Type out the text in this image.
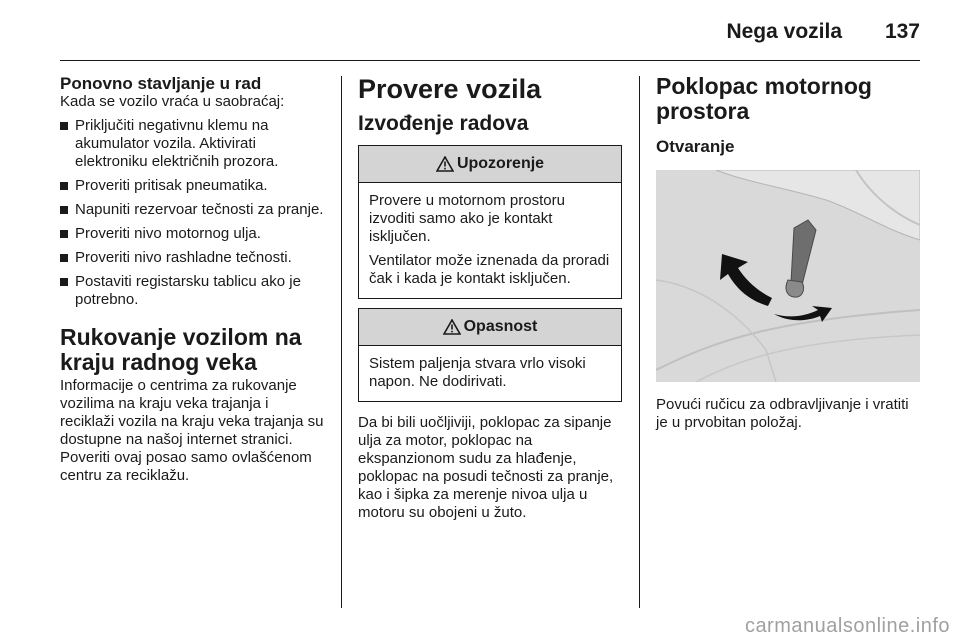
Nega vozila 137
Ponovno stavljanje u rad
Kada se vozilo vraća u saobraćaj:
Priključiti negativnu klemu na akumulator vozila. Aktivirati elektroniku električnih prozora.
Proveriti pritisak pneumatika.
Napuniti rezervoar tečnosti za pranje.
Proveriti nivo motornog ulja.
Proveriti nivo rashladne tečnosti.
Postaviti registarsku tablicu ako je potrebno.
Rukovanje vozilom na kraju radnog veka
Informacije o centrima za rukovanje vozilima na kraju veka trajanja i reciklaži vozila na kraju veka trajanja su dostupne na našoj internet stranici. Poveriti ovaj posao samo ovlašćenom centru za reciklažu.
Provere vozila
Izvođenje radova
Upozorenje
Provere u motornom prostoru izvoditi samo ako je kontakt isključen.
Ventilator može iznenada da proradi čak i kada je kontakt isključen.
Opasnost
Sistem paljenja stvara vrlo visoki napon. Ne dodirivati.
Da bi bili uočljiviji, poklopac za sipanje ulja za motor, poklopac na ekspanzionom sudu za hlađenje, poklopac na posudi tečnosti za pranje, kao i šipka za merenje nivoa ulja u motoru su obojeni u žuto.
Poklopac motornog prostora
Otvaranje
Povući ručicu za odbravljivanje i vratiti je u prvobitan položaj.
carmanualsonline.info
